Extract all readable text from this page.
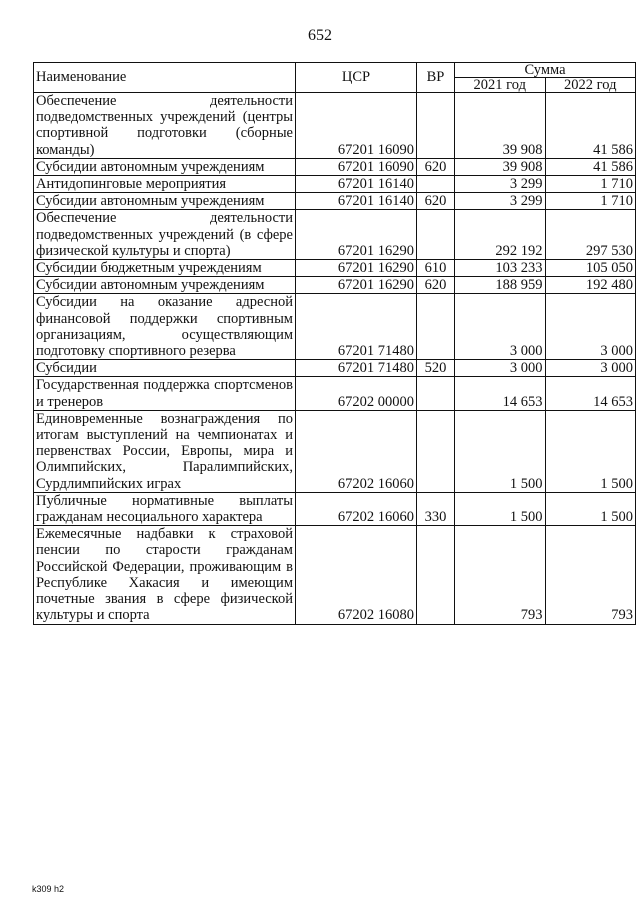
652
Наименование	ЦСР	ВР	Сумма	
			2021 год	2022 год
Обеспечение деятельности подведомственных учреждений (центры спортивной подготовки (сборные команды)	67201 16090		39 908	41 586
Субсидии автономным учреждениям	67201 16090	620	39 908	41 586
Антидопинговые мероприятия	67201 16140		3 299	1 710
Субсидии автономным учреждениям	67201 16140	620	3 299	1 710
Обеспечение деятельности подведомственных учреждений (в сфере физической культуры и спорта)	67201 16290		292 192	297 530
Субсидии бюджетным учреждениям	67201 16290	610	103 233	105 050
Субсидии автономным учреждениям	67201 16290	620	188 959	192 480
Субсидии на оказание адресной финансовой поддержки спортивным организациям, осуществляющим подготовку спортивного резерва	67201 71480		3 000	3 000
Субсидии	67201 71480	520	3 000	3 000
Государственная поддержка спортсменов и тренеров	67202 00000		14 653	14 653
Единовременные вознаграждения по итогам выступлений на чемпионатах и первенствах России, Европы, мира и Олимпийских, Паралимпийских, Сурдлимпийских играх	67202 16060		1 500	1 500
Публичные нормативные выплаты гражданам несоциального характера	67202 16060	330	1 500	1 500
Ежемесячные надбавки к страховой пенсии по старости гражданам Российской Федерации, проживающим в Республике Хакасия и имеющим почетные звания в сфере физической культуры и спорта	67202 16080		793	793
k309 h2
